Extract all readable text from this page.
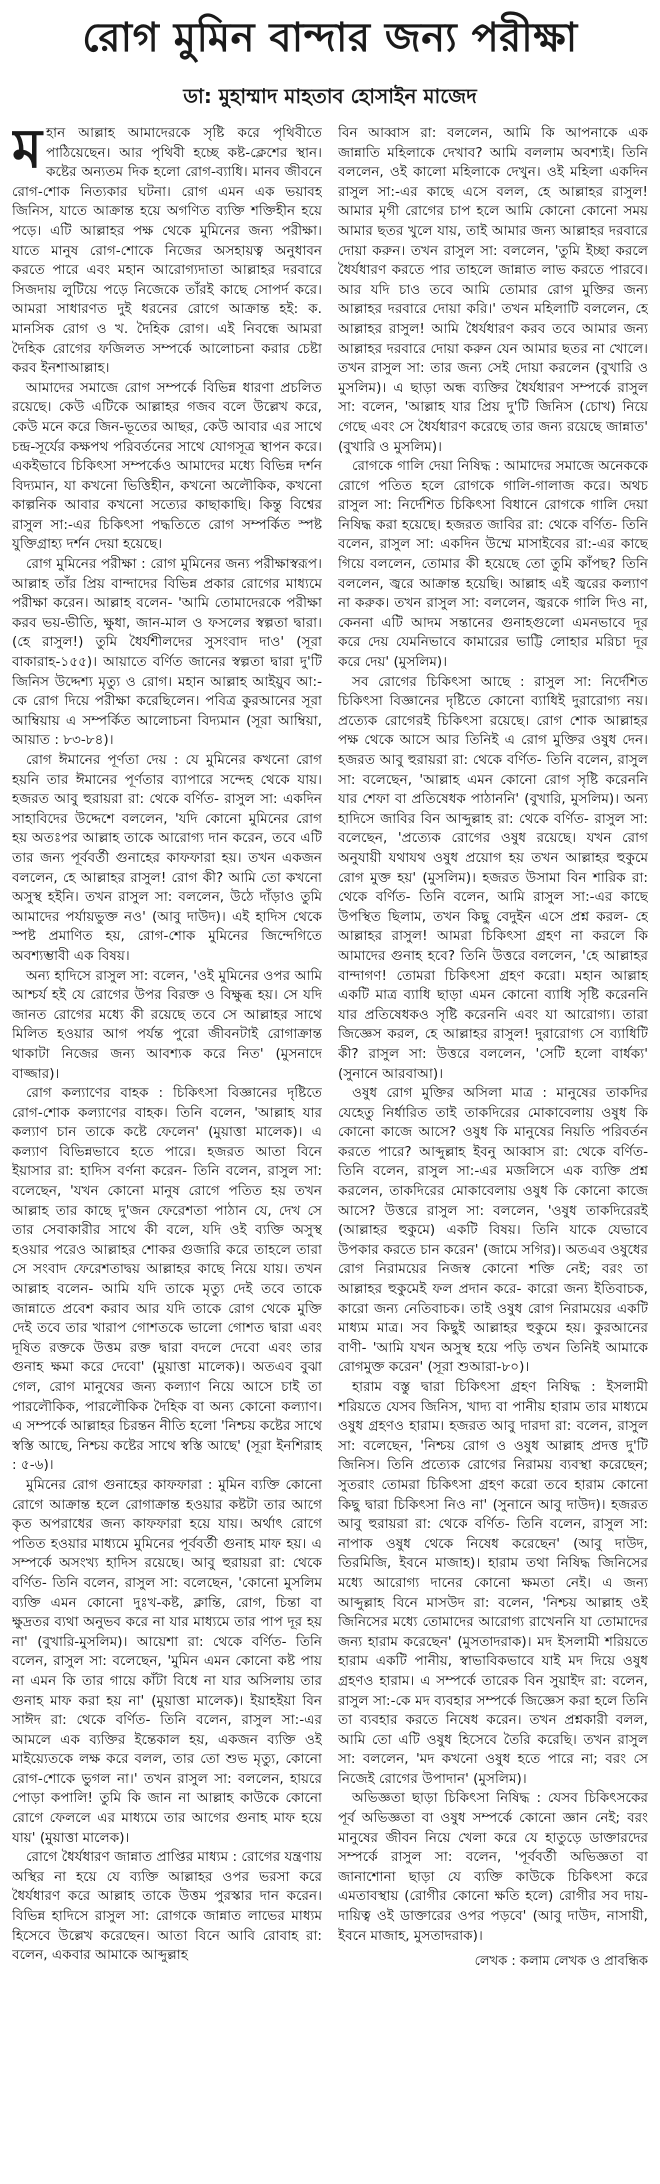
রোগ মুমিন বান্দার জন্য পরীক্ষা
ডা: মুহাম্মাদ মাহতাব হোসাইন মাজেদ
ম হান আল্লাহ আমাদেরকে সৃষ্টি করে পৃথিবীতে পাঠিয়েছেন। আর পৃথিবী হচ্ছে কষ্ট-ক্লেশের স্থান। কষ্টের অন্যতম দিক হলো রোগ-ব্যাধি। মানব জীবনে রোগ-শোক নিত্যকার ঘটনা। রোগ এমন এক ভয়াবহ জিনিস, যাতে আক্রান্ত হয়ে অগণিত ব্যক্তি শক্তিহীন হয়ে পড়ে। এটি আল্লাহর পক্ষ থেকে মুমিনের জন্য পরীক্ষা। যাতে মানুষ রোগ-শোকে নিজের অসহায়ত্ব অনুধাবন করতে পারে এবং মহান আরোগ্যদাতা আল্লাহর দরবারে সিজদায় লুটিয়ে পড়ে নিজেকে তাঁরই কাছে সোপর্দ করে। আমরা সাধারণত দুই ধরনের রোগে আক্রান্ত হই: ক. মানসিক রোগ ও খ. দৈহিক রোগ। এই নিবন্ধে আমরা দৈহিক রোগের ফজিলত সম্পর্কে আলোচনা করার চেষ্টা করব ইনশাআল্লাহ।

আমাদের সমাজে রোগ সম্পর্কে বিভিন্ন ধারণা প্রচলিত রয়েছে। কেউ এটিকে আল্লাহর গজব বলে উল্লেখ করে, কেউ মনে করে জিন-ভূতের আছর, কেউ আবার এর সাথে চন্দ্র-সূর্যের কক্ষপথ পরিবর্তনের সাথে যোগসূত্র স্থাপন করে। একইভাবে চিকিৎসা সম্পর্কেও আমাদের মধ্যে বিভিন্ন দর্শন বিদ্যমান, যা কখনো ভিত্তিহীন, কখনো অলৌকিক, কখনো কাল্পনিক আবার কখনো সত্যের কাছাকাছি। কিন্তু বিশ্বের রাসুল সা:-এর চিকিৎসা পদ্ধতিতে রোগ সম্পর্কিত স্পষ্ট যুক্তিগ্রাহ্য দর্শন দেয়া হয়েছে।

রোগ মুমিনের পরীক্ষা : রোগ মুমিনের জন্য পরীক্ষাস্বরূপ। আল্লাহ তাঁর প্রিয় বান্দাদের বিভিন্ন প্রকার রোগের মাধ্যমে পরীক্ষা করেন। আল্লাহ বলেন- 'আমি তোমাদেরকে পরীক্ষা করব ভয়-ভীতি, ক্ষুধা, জান-মাল ও ফসলের স্বল্পতা দ্বারা। (হে রাসুল!) তুমি ধৈর্যশীলদের সুসংবাদ দাও' (সূরা বাকারাহ-১৫৫)। আয়াতে বর্ণিত জানের স্বল্পতা দ্বারা দু'টি জিনিস উদ্দেশ্য মৃত্যু ও রোগ। মহান আল্লাহ আইয়ুব আ:-কে রোগ দিয়ে পরীক্ষা করেছিলেন। পবিত্র কুরআনের সূরা আম্বিয়ায় এ সম্পর্কিত আলোচনা বিদ্যমান (সূরা আম্বিয়া, আয়াত : ৮৩-৮৪)।

রোগ ঈমানের পূর্ণতা দেয় : যে মুমিনের কখনো রোগ হয়নি তার ঈমানের পূর্ণতার ব্যাপারে সন্দেহ থেকে যায়। হজরত আবু হুরায়রা রা: থেকে বর্ণিত- রাসুল সা: একদিন সাহাবিদের উদ্দেশে বললেন, 'যদি কোনো মুমিনের রোগ হয় অতঃপর আল্লাহ তাকে আরোগ্য দান করেন, তবে এটি তার জন্য পূর্ববর্তী গুনাহের কাফফারা হয়। তখন একজন বললেন, হে আল্লাহর রাসুল! রোগ কী? আমি তো কখনো অসুস্থ হইনি। তখন রাসুল সা: বললেন, উঠে দাঁড়াও তুমি আমাদের পর্যায়ভুক্ত নও' (আবু দাউদ)। এই হাদিস থেকে স্পষ্ট প্রমাণিত হয়, রোগ-শোক মুমিনের জিন্দেগিতে অবশ্যম্ভাবী এক বিষয়।

অন্য হাদিসে রাসুল সা: বলেন, 'ওই মুমিনের ওপর আমি আশ্চর্য হই যে রোগের উপর বিরক্ত ও বিক্ষুব্ধ হয়। সে যদি জানত রোগের মধ্যে কী রয়েছে তবে সে আল্লাহর সাথে মিলিত হওয়ার আগ পর্যন্ত পুরো জীবনটাই রোগাক্রান্ত থাকাটা নিজের জন্য আবশ্যক করে নিত' (মুসনাদে বাজ্জার)।

রোগ কল্যাণের বাহক : চিকিৎসা বিজ্ঞানের দৃষ্টিতে রোগ-শোক কল্যাণের বাহক। তিনি বলেন, 'আল্লাহ যার কল্যাণ চান তাকে কষ্টে ফেলেন' (মুয়াত্তা মালেক)। এ কল্যাণ বিভিন্নভাবে হতে পারে। হজরত আতা বিনে ইয়াসার রা: হাদিস বর্ণনা করেন- তিনি বলেন, রাসুল সা: বলেছেন, 'যখন কোনো মানুষ রোগে পতিত হয় তখন আল্লাহ তার কাছে দু'জন ফেরেশতা পাঠান যে, দেখ সে তার সেবাকারীর সাথে কী বলে, যদি ওই ব্যক্তি অসুস্থ হওয়ার পরেও আল্লাহর শোকর গুজারি করে তাহলে তারা সে সংবাদ ফেরেশতাদ্বয় আল্লাহর কাছে নিয়ে যায়। তখন আল্লাহ বলেন- আমি যদি তাকে মৃত্যু দেই তবে তাকে জান্নাতে প্রবেশ করাব আর যদি তাকে রোগ থেকে মুক্তি দেই তবে তার খারাপ গোশতকে ভালো গোশত দ্বারা এবং দূষিত রক্তকে উত্তম রক্ত দ্বারা বদলে দেবো এবং তার গুনাহ ক্ষমা করে দেবো' (মুয়াত্তা মালেক)। অতএব বুঝা গেল, রোগ মানুষের জন্য কল্যাণ নিয়ে আসে চাই তা পারলৌকিক, পারলৌকিক দৈহিক বা অন্য কোনো কল্যাণ। এ সম্পর্কে আল্লাহর চিরন্তন নীতি হলো 'নিশ্চয় কষ্টের সাথে স্বস্তি আছে, নিশ্চয় কষ্টের সাথে স্বস্তি আছে' (সূরা ইনশিরাহ : ৫-৬)।

মুমিনের রোগ গুনাহের কাফফারা : মুমিন ব্যক্তি কোনো রোগে আক্রান্ত হলে রোগাক্রান্ত হওয়ার কষ্টটা তার আগে কৃত অপরাধের জন্য কাফফারা হয়ে যায়। অর্থাৎ রোগে পতিত হওয়ার মাধ্যমে মুমিনের পূর্ববর্তী গুনাহ মাফ হয়। এ সম্পর্কে অসংখ্য হাদিস রয়েছে। আবু হুরায়রা রা: থেকে বর্ণিত- তিনি বলেন, রাসুল সা: বলেছেন, 'কোনো মুসলিম ব্যক্তি এমন কোনো দুঃখ-কষ্ট, ক্লান্তি, রোগ, চিন্তা বা ক্ষুদ্রতর ব্যথা অনুভব করে না যার মাধ্যমে তার পাপ দূর হয় না' (বুখারি-মুসলিম)। আয়েশা রা: থেকে বর্ণিত- তিনি বলেন, রাসুল সা: বলেছেন, 'মুমিন এমন কোনো কষ্ট পায় না এমন কি তার গায়ে কাঁটা বিধে না যার অসিলায় তার গুনাহ মাফ করা হয় না' (মুয়াত্তা মালেক)। ইয়াহইয়া বিন সাঈদ রা: থেকে বর্ণিত- তিনি বলেন, রাসুল সা:-এর আমলে এক ব্যক্তির ইন্তেকাল হয়, একজন ব্যক্তি ওই মাইয়্যেতকে লক্ষ করে বলল, তার তো শুভ মৃত্যু, কোনো রোগ-শোকে ভুগল না।' তখন রাসুল সা: বললেন, হায়রে পোড়া কপালি! তুমি কি জান না আল্লাহ কাউকে কোনো রোগে ফেললে এর মাধ্যমে তার আগের গুনাহ মাফ হয়ে যায়' (মুয়াত্তা মালেক)।

রোগে ধৈর্যধারণ জান্নাত প্রাপ্তির মাধ্যম : রোগের যন্ত্রণায় অস্থির না হয়ে যে ব্যক্তি আল্লাহর ওপর ভরসা করে ধৈর্যধারণ করে আল্লাহ তাকে উত্তম পুরস্কার দান করেন। বিভিন্ন হাদিসে রাসুল সা: রোগকে জান্নাত লাভের মাধ্যম হিসেবে উল্লেখ করেছেন। আতা বিনে আবি রোবাহ রা: বলেন, একবার আমাকে আব্দুল্লাহ

বিন আব্বাস রা: বললেন, আমি কি আপনাকে এক জান্নাতি মহিলাকে দেখাব? আমি বললাম অবশ্যই। তিনি বললেন, ওই কালো মহিলাকে দেখুন। ওই মহিলা একদিন রাসুল সা:-এর কাছে এসে বলল, হে আল্লাহর রাসুল! আমার মৃগী রোগের চাপ হলে আমি কোনো কোনো সময় আমার ছতর খুলে যায়, তাই আমার জন্য আল্লাহর দরবারে দোয়া করুন। তখন রাসুল সা: বললেন, 'তুমি ইচ্ছা করলে ধৈর্যধারণ করতে পার তাহলে জান্নাত লাভ করতে পারবে। আর যদি চাও তবে আমি তোমার রোগ মুক্তির জন্য আল্লাহর দরবারে দোয়া করি।' তখন মহিলাটি বললেন, হে আল্লাহর রাসুল! আমি ধৈর্যধারণ করব তবে আমার জন্য আল্লাহর দরবারে দোয়া করুন যেন আমার ছতর না খোলে। তখন রাসুল সা: তার জন্য সেই দোয়া করলেন (বুখারি ও মুসলিম)। এ ছাড়া অন্ধ ব্যক্তির ধৈর্যধারণ সম্পর্কে রাসুল সা: বলেন, 'আল্লাহ যার প্রিয় দু'টি জিনিস (চোখ) নিয়ে গেছে এবং সে ধৈর্যধারণ করেছে তার জন্য রয়েছে জান্নাত' (বুখারি ও মুসলিম)।

রোগকে গালি দেয়া নিষিদ্ধ : আমাদের সমাজে অনেককে রোগে পতিত হলে রোগকে গালি-গালাজ করে। অথচ রাসুল সা: নির্দেশিত চিকিৎসা বিধানে রোগকে গালি দেয়া নিষিদ্ধ করা হয়েছে। হজরত জাবির রা: থেকে বর্ণিত- তিনি বলেন, রাসুল সা: একদিন উম্মে মাসাইবের রা:-এর কাছে গিয়ে বললেন, তোমার কী হয়েছে তো তুমি কাঁপছ? তিনি বললেন, জ্বরে আক্রান্ত হয়েছি। আল্লাহ এই জ্বরের কল্যাণ না করুক। তখন রাসুল সা: বললেন, জ্বরকে গালি দিও না, কেননা এটি আদম সন্তানের গুনাহগুলো এমনভাবে দূর করে দেয় যেমনিভাবে কামারের ভাট্টি লোহার মরিচা দূর করে দেয়' (মুসলিম)।

সব রোগের চিকিৎসা আছে : রাসুল সা: নির্দেশিত চিকিৎসা বিজ্ঞানের দৃষ্টিতে কোনো ব্যাধিই দুরারোগ্য নয়। প্রত্যেক রোগেরই চিকিৎসা রয়েছে। রোগ শোক আল্লাহর পক্ষ থেকে আসে আর তিনিই এ রোগ মুক্তির ওষুধ দেন। হজরত আবু হুরায়রা রা: থেকে বর্ণিত- তিনি বলেন, রাসুল সা: বলেছেন, 'আল্লাহ এমন কোনো রোগ সৃষ্টি করেননি যার শেফা বা প্রতিষেধক পাঠাননি' (বুখারি, মুসলিম)। অন্য হাদিসে জাবির বিন আব্দুল্লাহ রা: থেকে বর্ণিত- রাসুল সা: বলেছেন, 'প্রত্যেক রোগের ওষুধ রয়েছে। যখন রোগ অনুযায়ী যথাযথ ওষুধ প্রয়োগ হয় তখন আল্লাহর হুকুমে রোগ মুক্ত হয়' (মুসলিম)। হজরত উসামা বিন শারিক রা: থেকে বর্ণিত- তিনি বলেন, আমি রাসুল সা:-এর কাছে উপস্থিত ছিলাম, তখন কিছু বেদুইন এসে প্রশ্ন করল- হে আল্লাহর রাসুল! আমরা চিকিৎসা গ্রহণ না করলে কি আমাদের গুনাহ হবে? তিনি উত্তরে বললেন, 'হে আল্লাহর বান্দাগণ! তোমরা চিকিৎসা গ্রহণ করো। মহান আল্লাহ একটি মাত্র ব্যাধি ছাড়া এমন কোনো ব্যাধি সৃষ্টি করেননি যার প্রতিষেধকও সৃষ্টি করেননি এবং যা আরোগ্য। তারা জিজ্ঞেস করল, হে আল্লাহর রাসুল! দুরারোগ্য সে ব্যাধিটি কী? রাসুল সা: উত্তরে বললেন, 'সেটি হলো বার্ধক্য' (সুনানে আরবাআ)।

ওষুধ রোগ মুক্তির অসিলা মাত্র : মানুষের তাকদির যেহেতু নির্ধারিত তাই তাকদিরের মোকাবেলায় ওষুধ কি কোনো কাজে আসে? ওষুধ কি মানুষের নিয়তি পরিবর্তন করতে পারে? আব্দুল্লাহ ইবনু আব্বাস রা: থেকে বর্ণিত- তিনি বলেন, রাসুল সা:-এর মজলিসে এক ব্যক্তি প্রশ্ন করলেন, তাকদিরের মোকাবেলায় ওষুধ কি কোনো কাজে আসে? উত্তরে রাসুল সা: বললেন, 'ওষুধ তাকদিরেরই (আল্লাহর হুকুমে) একটি বিষয়। তিনি যাকে যেভাবে উপকার করতে চান করেন' (জামে সগির)। অতএব ওষুধের রোগ নিরাময়ের নিজস্ব কোনো শক্তি নেই; বরং তা আল্লাহর হুকুমেই ফল প্রদান করে- কারো জন্য ইতিবাচক, কারো জন্য নেতিবাচক। তাই ওষুধ রোগ নিরাময়ের একটি মাধ্যম মাত্র। সব কিছুই আল্লাহর হুকুমে হয়। কুরআনের বাণী- 'আমি যখন অসুস্থ হয়ে পড়ি তখন তিনিই আমাকে রোগমুক্ত করেন' (সূরা শুআরা-৮০)।

হারাম বস্তু দ্বারা চিকিৎসা গ্রহণ নিষিদ্ধ : ইসলামী শরিয়তে যেসব জিনিস, খাদ্য বা পানীয় হারাম তার মাধ্যমে ওষুধ গ্রহণও হারাম। হজরত আবু দারদা রা: বলেন, রাসুল সা: বলেছেন, 'নিশ্চয় রোগ ও ওষুধ আল্লাহ প্রদত্ত দু'টি জিনিস। তিনি প্রত্যেক রোগের নিরাময় ব্যবস্থা করেছেন; সুতরাং তোমরা চিকিৎসা গ্রহণ করো তবে হারাম কোনো কিছু দ্বারা চিকিৎসা নিও না' (সুনানে আবু দাউদ)। হজরত আবু হুরায়রা রা: থেকে বর্ণিত- তিনি বলেন, রাসুল সা: নাপাক ওষুধ থেকে নিষেধ করেছেন' (আবু দাউদ, তিরমিজি, ইবনে মাজাহ)। হারাম তথা নিষিদ্ধ জিনিসের মধ্যে আরোগ্য দানের কোনো ক্ষমতা নেই। এ জন্য আব্দুল্লাহ বিনে মাসউদ রা: বলেন, 'নিশ্চয় আল্লাহ ওই জিনিসের মধ্যে তোমাদের আরোগ্য রাখেননি যা তোমাদের জন্য হারাম করেছেন' (মুসতাদরাক)। মদ ইসলামী শরিয়তে হারাম একটি পানীয়, স্বাভাবিকভাবে যাই মদ দিয়ে ওষুধ গ্রহণও হারাম। এ সম্পর্কে তারেক বিন সুয়াইদ রা: বলেন, রাসুল সা:-কে মদ ব্যবহার সম্পর্কে জিজ্ঞেস করা হলে তিনি তা ব্যবহার করতে নিষেধ করেন। তখন প্রশ্নকারী বলল, আমি তো এটি ওষুধ হিসেবে তৈরি করেছি। তখন রাসুল সা: বললেন, 'মদ কখনো ওষুধ হতে পারে না; বরং সে নিজেই রোগের উপাদান' (মুসলিম)।

অভিজ্ঞতা ছাড়া চিকিৎসা নিষিদ্ধ : যেসব চিকিৎসকের পূর্ব অভিজ্ঞতা বা ওষুধ সম্পর্কে কোনো জ্ঞান নেই; বরং মানুষের জীবন নিয়ে খেলা করে যে হাতুড়ে ডাক্তারদের সম্পর্কে রাসুল সা: বলেন, 'পূর্ববর্তী অভিজ্ঞতা বা জানাশোনা ছাড়া যে ব্যক্তি কাউকে চিকিৎসা করে এমতাবস্থায় (রোগীর কোনো ক্ষতি হলে) রোগীর সব দায়-দায়িত্ব ওই ডাক্তারের ওপর পড়বে' (আবু দাউদ, নাসায়ী, ইবনে মাজাহ, মুসতাদরাক)।

লেখক : কলাম লেখক ও প্রাবন্ধিক
